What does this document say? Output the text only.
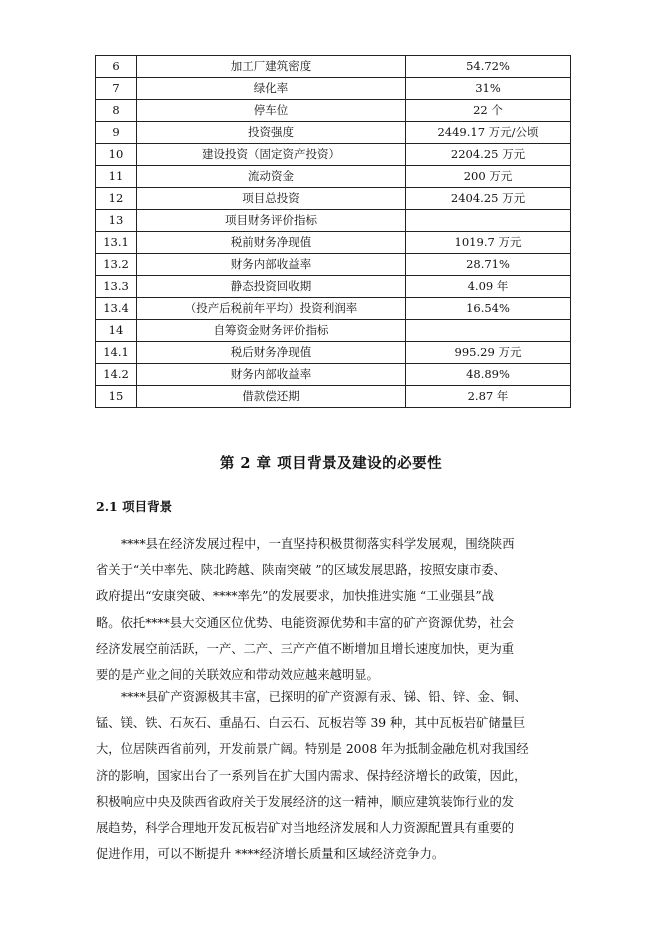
6	加工厂建筑密度	54.72%
7	绿化率	31%
8	停车位	22 个
9	投资强度	2449.17 万元/公顷
10	建设投资（固定资产投资）	2204.25 万元
11	流动资金	200 万元
12	项目总投资	2404.25 万元
13	项目财务评价指标	
13.1	税前财务净现值	1019.7 万元
13.2	财务内部收益率	28.71%
13.3	静态投资回收期	4.09 年
13.4	（投产后税前年平均）投资利润率	16.54%
14	自筹资金财务评价指标	
14.1	税后财务净现值	995.29 万元
14.2	财务内部收益率	48.89%
15	借款偿还期	2.87 年
第 2 章 项目背景及建设的必要性
2.1 项目背景
****县在经济发展过程中，一直坚持积极贯彻落实科学发展观，围绕陕西
省关于“关中率先、陕北跨越、陕南突破 ”的区域发展思路，按照安康市委、
政府提出“安康突破、****率先”的发展要求，加快推进实施 “工业强县”战
略。依托****县大交通区位优势、电能资源优势和丰富的矿产资源优势，社会
经济发展空前活跃，一产、二产、三产产值不断增加且增长速度加快，更为重
要的是产业之间的关联效应和带动效应越来越明显。
****县矿产资源极其丰富，已探明的矿产资源有汞、锑、铅、锌、金、铜、
锰、镁、铁、石灰石、重晶石、白云石、瓦板岩等 39 种，其中瓦板岩矿储量巨
大，位居陕西省前列，开发前景广阔。特别是 2008 年为抵制金融危机对我国经
济的影响，国家出台了一系列旨在扩大国内需求、保持经济增长的政策，因此，
积极响应中央及陕西省政府关于发展经济的这一精神，顺应建筑装饰行业的发
展趋势，科学合理地开发瓦板岩矿对当地经济发展和人力资源配置具有重要的
促进作用，可以不断提升 ****经济增长质量和区域经济竞争力。
